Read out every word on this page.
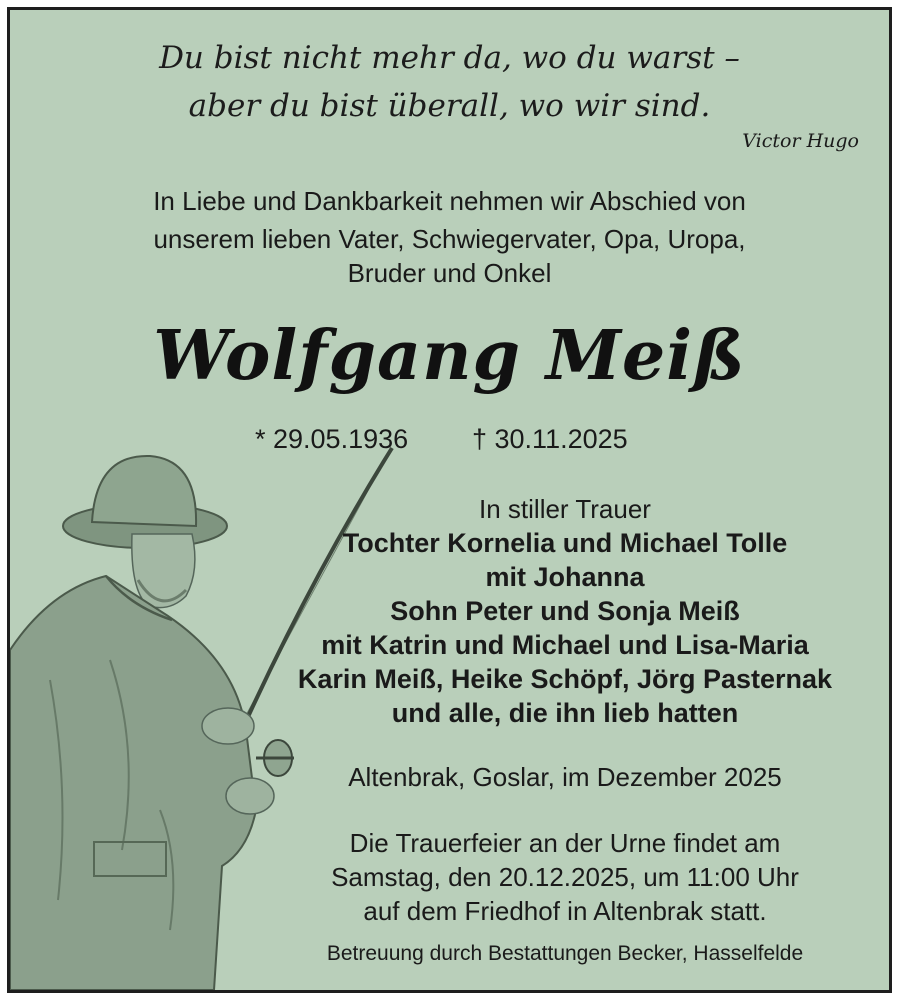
Du bist nicht mehr da, wo du warst –
aber du bist überall, wo wir sind.
Victor Hugo
In Liebe und Dankbarkeit nehmen wir Abschied von
unserem lieben Vater, Schwiegervater, Opa, Uropa,
Bruder und Onkel
Wolfgang Meiß
* 29.05.1936 † 30.11.2025
In stiller Trauer
Tochter Kornelia und Michael Tolle
mit Johanna
Sohn Peter und Sonja Meiß
mit Katrin und Michael und Lisa-Maria
Karin Meiß, Heike Schöpf, Jörg Pasternak
und alle, die ihn lieb hatten
Altenbrak, Goslar, im Dezember 2025
Die Trauerfeier an der Urne findet am
Samstag, den 20.12.2025, um 11:00 Uhr
auf dem Friedhof in Altenbrak statt.
Betreuung durch Bestattungen Becker, Hasselfelde
